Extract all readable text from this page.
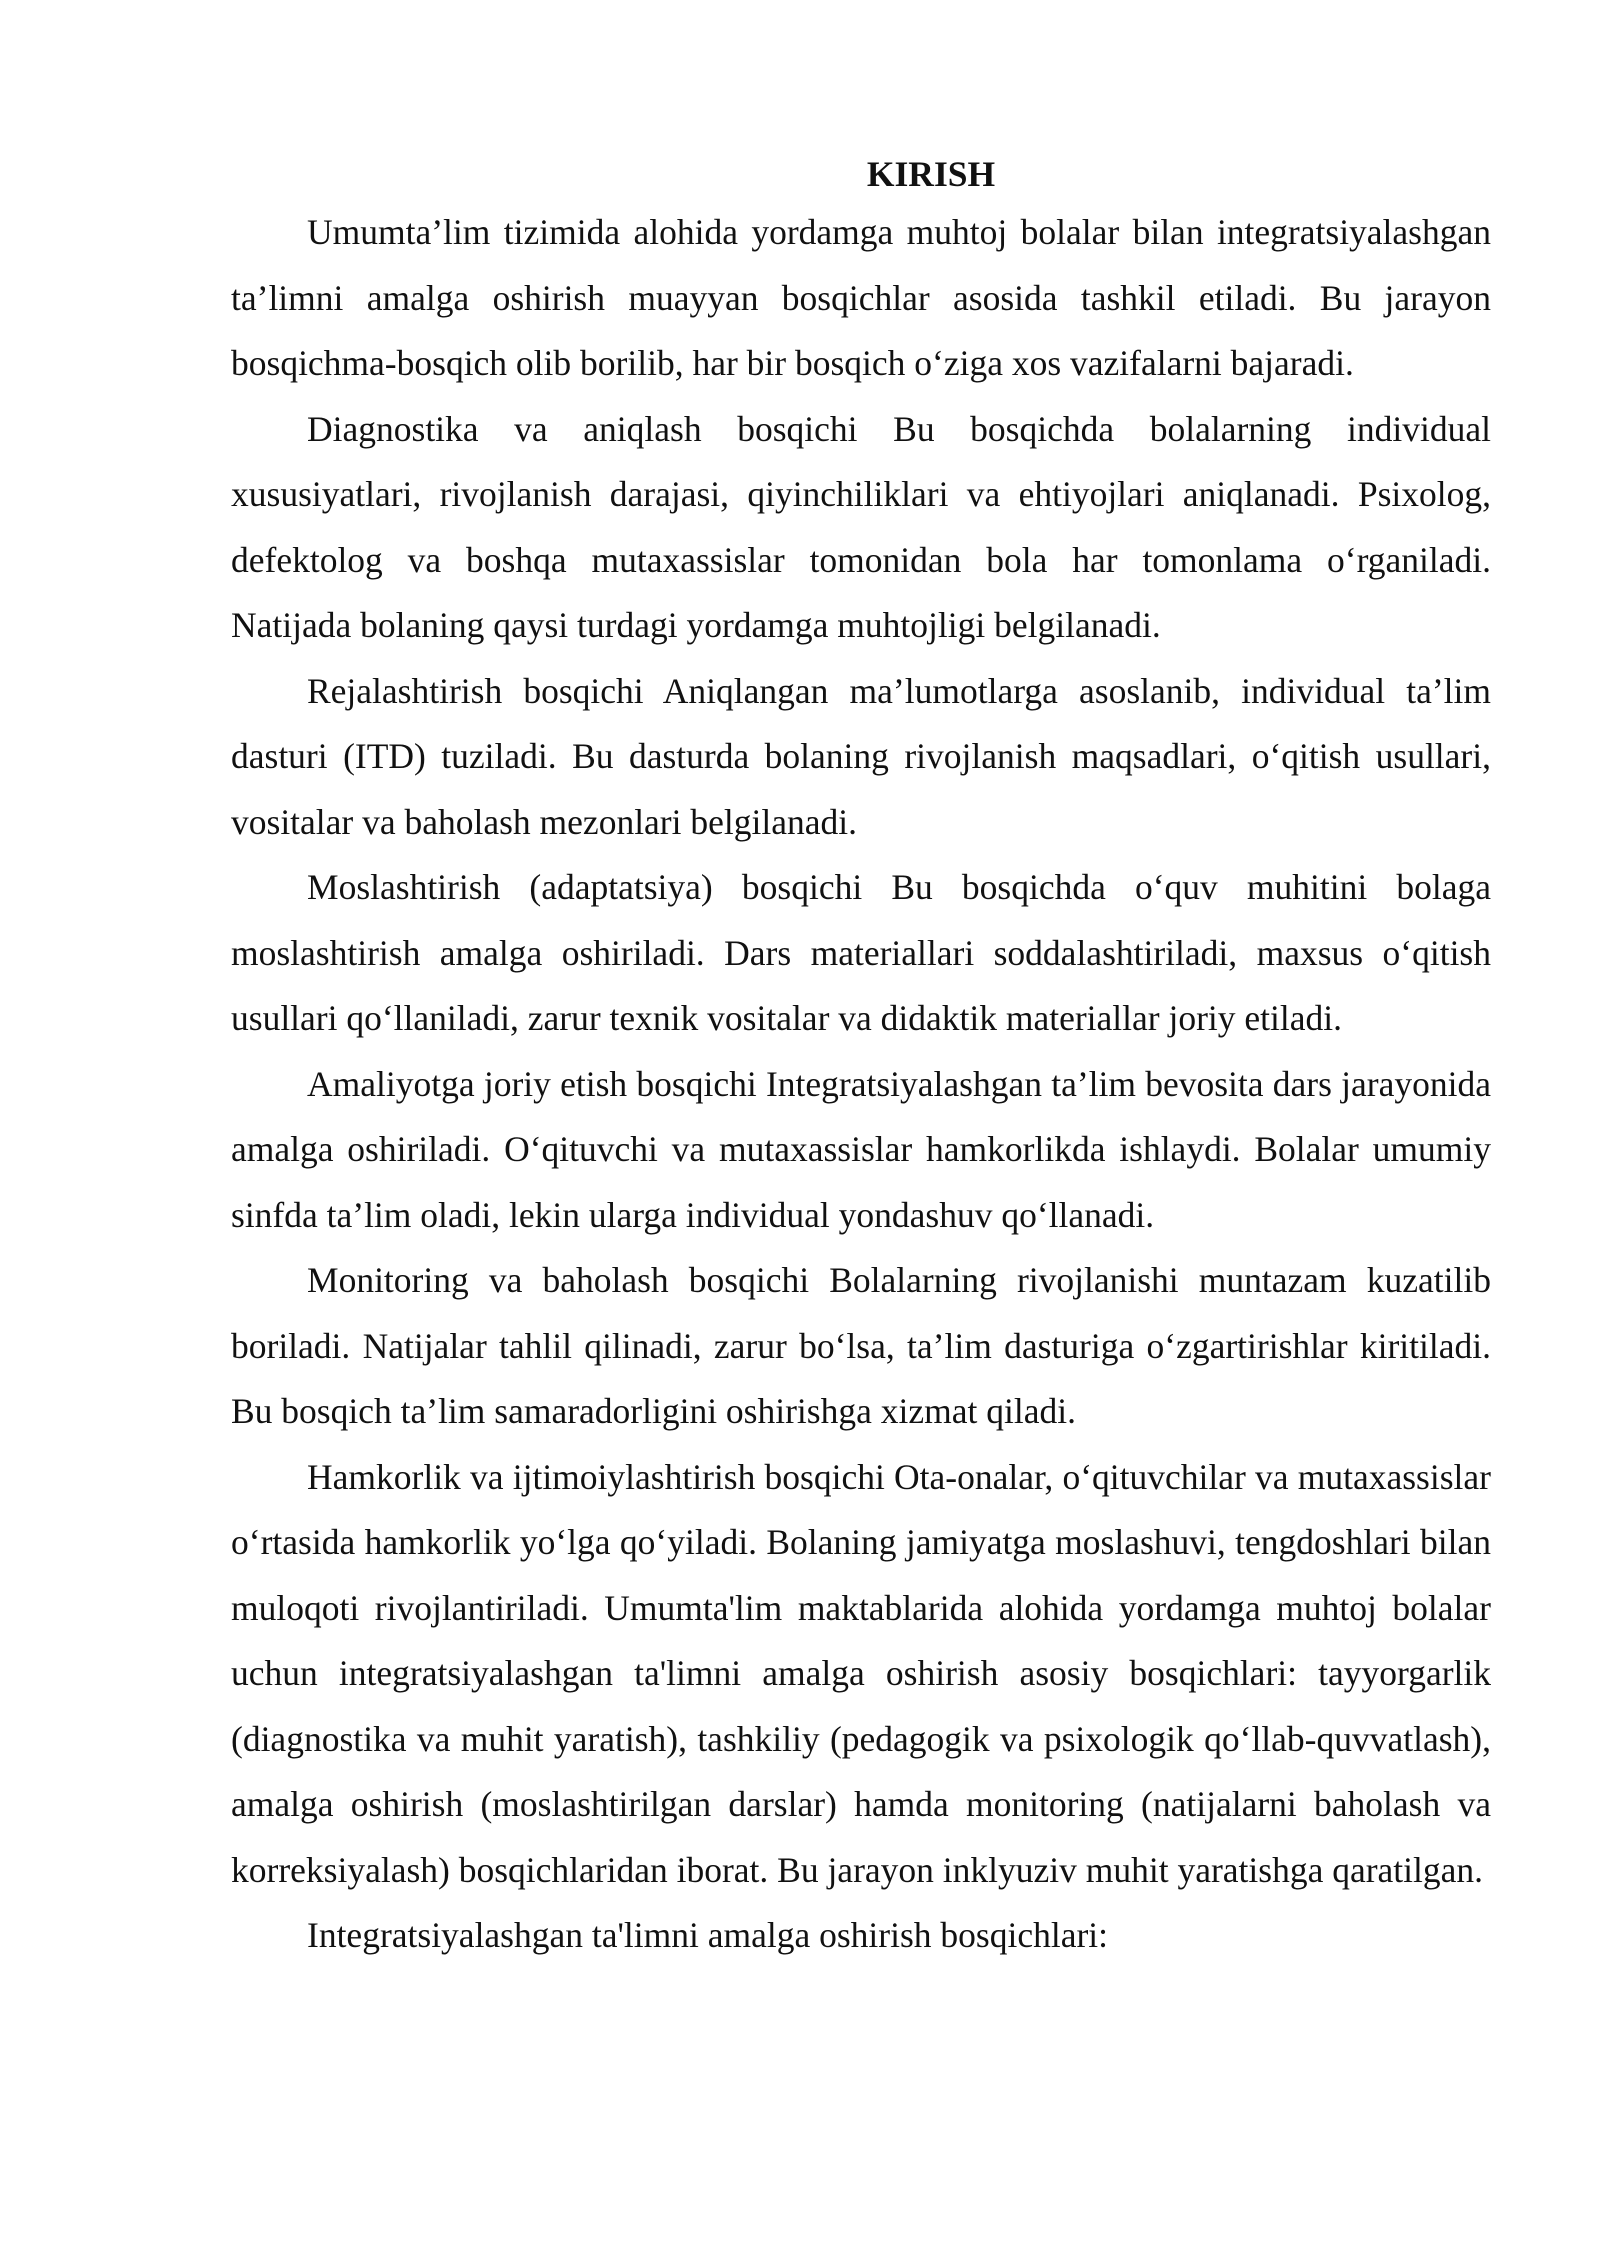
KIRISH

Umumta’lim tizimida alohida yordamga muhtoj bolalar bilan integratsiyalashgan ta’limni amalga oshirish muayyan bosqichlar asosida tashkil etiladi. Bu jarayon bosqichma-bosqich olib borilib, har bir bosqich o‘ziga xos vazifalarni bajaradi.

Diagnostika va aniqlash bosqichi Bu bosqichda bolalarning individual xususiyatlari, rivojlanish darajasi, qiyinchiliklari va ehtiyojlari aniqlanadi. Psixolog, defektolog va boshqa mutaxassislar tomonidan bola har tomonlama o‘rganiladi. Natijada bolaning qaysi turdagi yordamga muhtojligi belgilanadi.

Rejalashtirish bosqichi Aniqlangan ma’lumotlarga asoslanib, individual ta’lim dasturi (ITD) tuziladi. Bu dasturda bolaning rivojlanish maqsadlari, o‘qitish usullari, vositalar va baholash mezonlari belgilanadi.

Moslashtirish (adaptatsiya) bosqichi Bu bosqichda o‘quv muhitini bolaga moslashtirish amalga oshiriladi. Dars materiallari soddalashtiriladi, maxsus o‘qitish usullari qo‘llaniladi, zarur texnik vositalar va didaktik materiallar joriy etiladi.

Amaliyotga joriy etish bosqichi Integratsiyalashgan ta’lim bevosita dars jarayonida amalga oshiriladi. O‘qituvchi va mutaxassislar hamkorlikda ishlaydi. Bolalar umumiy sinfda ta’lim oladi, lekin ularga individual yondashuv qo‘llanadi.

Monitoring va baholash bosqichi Bolalarning rivojlanishi muntazam kuzatilib boriladi. Natijalar tahlil qilinadi, zarur bo‘lsa, ta’lim dasturiga o‘zgartirishlar kiritiladi. Bu bosqich ta’lim samaradorligini oshirishga xizmat qiladi.

Hamkorlik va ijtimoiylashtirish bosqichi Ota-onalar, o‘qituvchilar va mutaxassislar o‘rtasida hamkorlik yo‘lga qo‘yiladi. Bolaning jamiyatga moslashuvi, tengdoshlari bilan muloqoti rivojlantiriladi. Umumta'lim maktablarida alohida yordamga muhtoj bolalar uchun integratsiyalashgan ta'limni amalga oshirish asosiy bosqichlari: tayyorgarlik (diagnostika va muhit yaratish), tashkiliy (pedagogik va psixologik qo‘llab-quvvatlash), amalga oshirish (moslashtirilgan darslar) hamda monitoring (natijalarni baholash va korreksiyalash) bosqichlaridan iborat. Bu jarayon inklyuziv muhit yaratishga qaratilgan.

Integratsiyalashgan ta'limni amalga oshirish bosqichlari:
